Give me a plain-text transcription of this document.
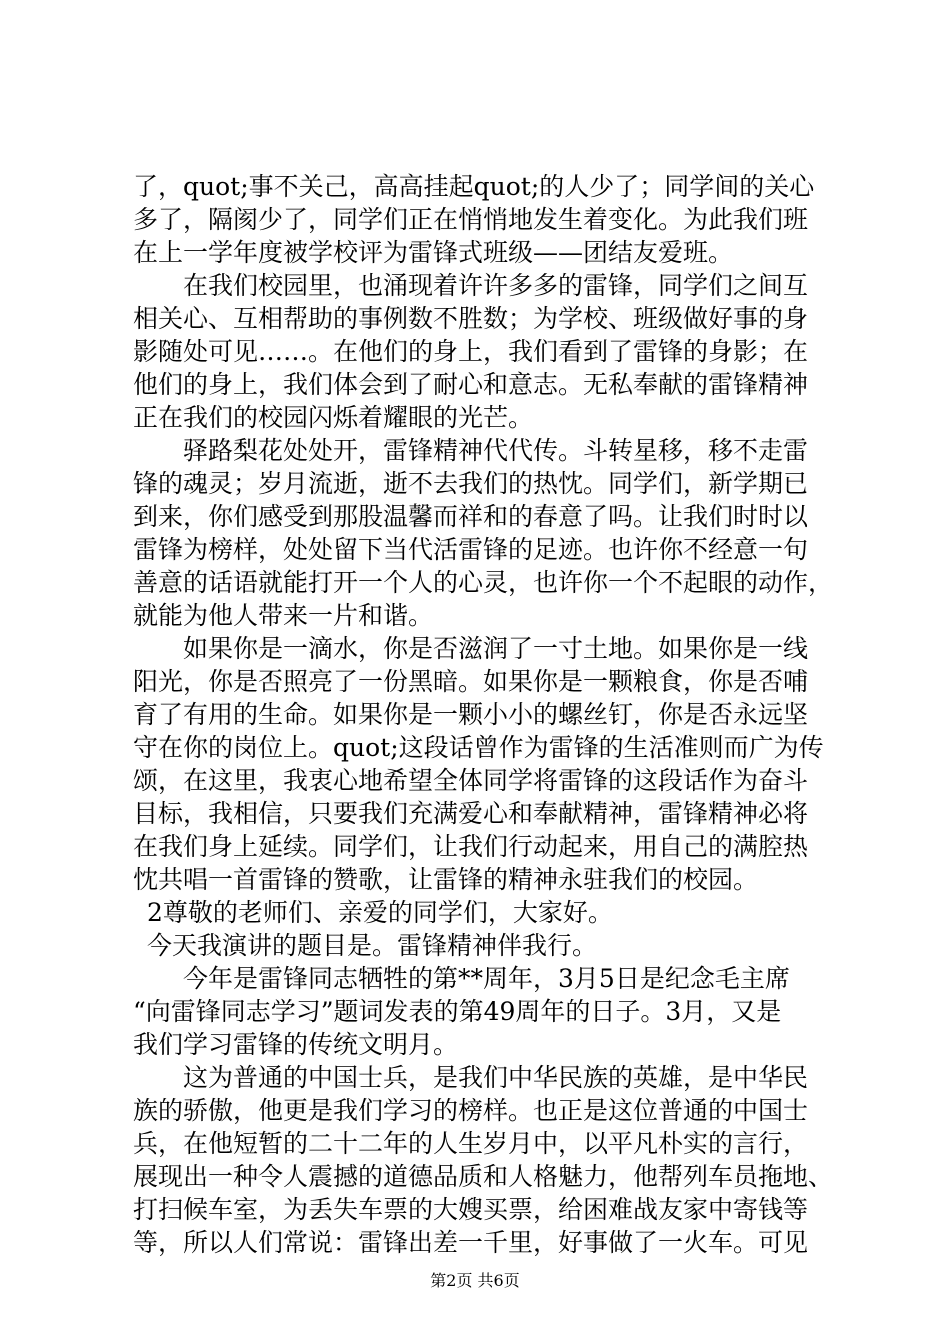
了，quot;事不关己，高高挂起quot;的人少了；同学间的关心
多了，隔阂少了，同学们正在悄悄地发生着变化。为此我们班
在上一学年度被学校评为雷锋式班级——团结友爱班。
在我们校园里，也涌现着许许多多的雷锋，同学们之间互
相关心、互相帮助的事例数不胜数；为学校、班级做好事的身
影随处可见……。在他们的身上，我们看到了雷锋的身影；在
他们的身上，我们体会到了耐心和意志。无私奉献的雷锋精神
正在我们的校园闪烁着耀眼的光芒。
驿路梨花处处开，雷锋精神代代传。斗转星移，移不走雷
锋的魂灵；岁月流逝，逝不去我们的热忱。同学们，新学期已
到来，你们感受到那股温馨而祥和的春意了吗。让我们时时以
雷锋为榜样，处处留下当代活雷锋的足迹。也许你不经意一句
善意的话语就能打开一个人的心灵，也许你一个不起眼的动作，
就能为他人带来一片和谐。
如果你是一滴水，你是否滋润了一寸土地。如果你是一线
阳光，你是否照亮了一份黑暗。如果你是一颗粮食，你是否哺
育了有用的生命。如果你是一颗小小的螺丝钉，你是否永远坚
守在你的岗位上。quot;这段话曾作为雷锋的生活准则而广为传
颂，在这里，我衷心地希望全体同学将雷锋的这段话作为奋斗
目标，我相信，只要我们充满爱心和奉献精神，雷锋精神必将
在我们身上延续。同学们，让我们行动起来，用自己的满腔热
忱共唱一首雷锋的赞歌，让雷锋的精神永驻我们的校园。
2尊敬的老师们、亲爱的同学们，大家好。
今天我演讲的题目是。雷锋精神伴我行。
今年是雷锋同志牺牲的第**周年，3月5日是纪念毛主席
“向雷锋同志学习”题词发表的第49周年的日子。3月，又是
我们学习雷锋的传统文明月。
这为普通的中国士兵，是我们中华民族的英雄，是中华民
族的骄傲，他更是我们学习的榜样。也正是这位普通的中国士
兵，在他短暂的二十二年的人生岁月中，以平凡朴实的言行，
展现出一种令人震撼的道德品质和人格魅力，他帮列车员拖地、
打扫候车室，为丢失车票的大嫂买票，给困难战友家中寄钱等
等，所以人们常说：雷锋出差一千里，好事做了一火车。可见
第2页 共6页
